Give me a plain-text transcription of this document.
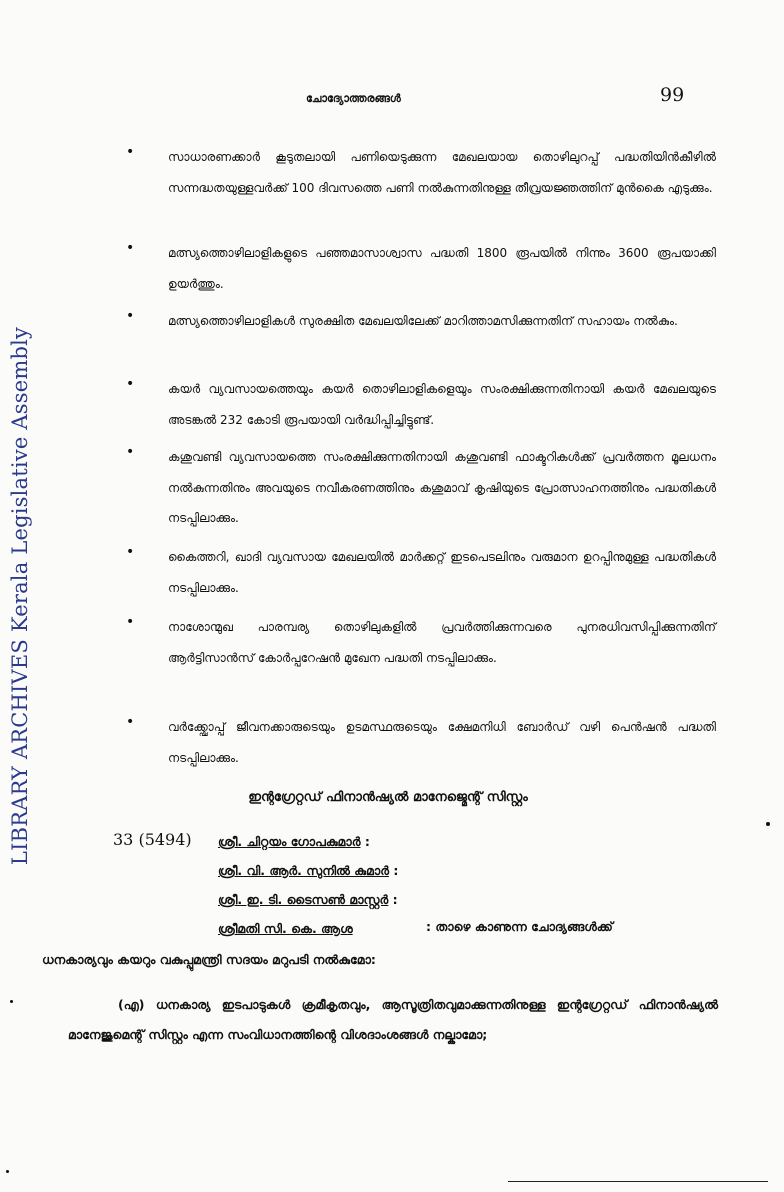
LIBRARY ARCHIVES Kerala Legislative Assembly
ചോദ്യോത്തരങ്ങൾ	99
•	സാധാരണക്കാർ കൂടുതലായി പണിയെടുക്കുന്ന മേഖലയായ തൊഴിലുറപ്പ് പദ്ധതിയിൻകീഴിൽ സന്നദ്ധതയുള്ളവർക്ക് 100 ദിവസത്തെ പണി നൽകുന്നതിനുള്ള തീവ്രയജ്ഞത്തിന് മുൻകൈ എടുക്കും.
•	മത്സ്യത്തൊഴിലാളികളുടെ പഞ്ഞമാസാശ്വാസ പദ്ധതി 1800 രൂപയിൽ നിന്നും 3600 രൂപയാക്കി ഉയർത്തും.
•	മത്സ്യത്തൊഴിലാളികൾ സുരക്ഷിത മേഖലയിലേക്ക് മാറിത്താമസിക്കുന്നതിന് സഹായം നൽകും.
•	കയർ വ്യവസായത്തെയും കയർ തൊഴിലാളികളെയും സംരക്ഷിക്കുന്നതിനായി കയർ മേഖലയുടെ അടങ്കൽ 232 കോടി രൂപയായി വർദ്ധിപ്പിച്ചിട്ടുണ്ട്.
•	കശുവണ്ടി വ്യവസായത്തെ സംരക്ഷിക്കുന്നതിനായി കശുവണ്ടി ഫാക്ടറികൾക്ക് പ്രവർത്തന മൂലധനം നൽകുന്നതിനും അവയുടെ നവീകരണത്തിനും കശുമാവ് കൃഷിയുടെ പ്രോത്സാഹനത്തിനും പദ്ധതികൾ നടപ്പിലാക്കും.
•	കൈത്തറി, ഖാദി വ്യവസായ മേഖലയിൽ മാർക്കറ്റ് ഇടപെടലിനും വരുമാന ഉറപ്പിനുമുള്ള പദ്ധതികൾ നടപ്പിലാക്കും.
•	നാശോന്മുഖ പാരമ്പര്യ തൊഴിലുകളിൽ പ്രവർത്തിക്കുന്നവരെ പുനരധിവസിപ്പിക്കുന്നതിന് ആർട്ടിസാൻസ് കോർപ്പറേഷൻ മുഖേന പദ്ധതി നടപ്പിലാക്കും.
•	വർക്ക്ഷോപ്പ് ജീവനക്കാരുടെയും ഉടമസ്ഥരുടെയും ക്ഷേമനിധി ബോർഡ് വഴി പെൻഷൻ പദ്ധതി നടപ്പിലാക്കും.
ഇന്റഗ്രേറ്റഡ് ഫിനാൻഷ്യൽ മാനേജ്മെന്റ് സിസ്റ്റം
33 (5494) ശ്രീ. ചിറ്റയം ഗോപകുമാർ :
ശ്രീ. വി. ആർ. സുനിൽ കുമാർ :
ശ്രീ. ഇ. ടി. ടൈസൺ മാസ്റ്റർ :
ശ്രീമതി സി. കെ. ആശ	: താഴെ കാണുന്ന ചോദ്യങ്ങൾക്ക്
ധനകാര്യവും കയറും വകുപ്പുമന്ത്രി സദയം മറുപടി നൽകുമോ:
(എ) ധനകാര്യ ഇടപാടുകൾ ക്രമീകൃതവും, ആസൂത്രിതവുമാക്കുന്നതിനുള്ള ഇന്റഗ്രേറ്റഡ് ഫിനാൻഷ്യൽ മാനേജുമെന്റ് സിസ്റ്റം എന്ന സംവിധാനത്തിന്റെ വിശദാംശങ്ങൾ നല്കാമോ;
